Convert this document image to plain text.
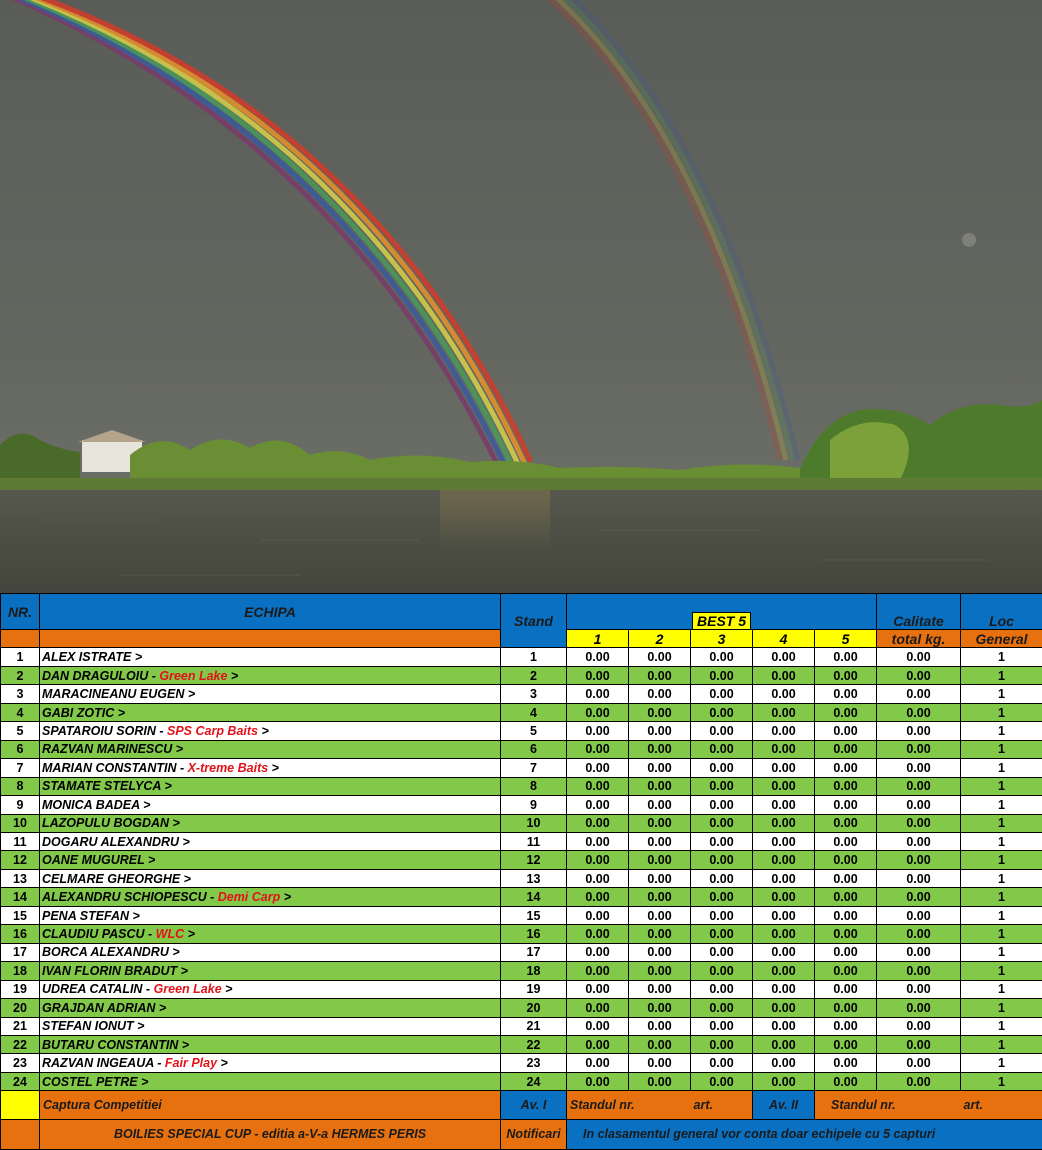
NR.	ECHIPA	Stand	BEST 5					Calitate	Loc
			1	2	3	4	5	total kg.	General
1	ALEX ISTRATE >	1	0.00	0.00	0.00	0.00	0.00	0.00	1
2	DAN DRAGULOIU - Green Lake >	2	0.00	0.00	0.00	0.00	0.00	0.00	1
3	MARACINEANU EUGEN >	3	0.00	0.00	0.00	0.00	0.00	0.00	1
4	GABI ZOTIC >	4	0.00	0.00	0.00	0.00	0.00	0.00	1
5	SPATAROIU SORIN - SPS Carp Baits >	5	0.00	0.00	0.00	0.00	0.00	0.00	1
6	RAZVAN MARINESCU >	6	0.00	0.00	0.00	0.00	0.00	0.00	1
7	MARIAN CONSTANTIN - X-treme Baits >	7	0.00	0.00	0.00	0.00	0.00	0.00	1
8	STAMATE STELYCA >	8	0.00	0.00	0.00	0.00	0.00	0.00	1
9	MONICA BADEA >	9	0.00	0.00	0.00	0.00	0.00	0.00	1
10	LAZOPULU BOGDAN >	10	0.00	0.00	0.00	0.00	0.00	0.00	1
11	DOGARU ALEXANDRU >	11	0.00	0.00	0.00	0.00	0.00	0.00	1
12	OANE MUGUREL >	12	0.00	0.00	0.00	0.00	0.00	0.00	1
13	CELMARE GHEORGHE >	13	0.00	0.00	0.00	0.00	0.00	0.00	1
14	ALEXANDRU SCHIOPESCU - Demi Carp >	14	0.00	0.00	0.00	0.00	0.00	0.00	1
15	PENA STEFAN >	15	0.00	0.00	0.00	0.00	0.00	0.00	1
16	CLAUDIU PASCU - WLC >	16	0.00	0.00	0.00	0.00	0.00	0.00	1
17	BORCA ALEXANDRU >	17	0.00	0.00	0.00	0.00	0.00	0.00	1
18	IVAN FLORIN BRADUT >	18	0.00	0.00	0.00	0.00	0.00	0.00	1
19	UDREA CATALIN - Green Lake >	19	0.00	0.00	0.00	0.00	0.00	0.00	1
20	GRAJDAN ADRIAN >	20	0.00	0.00	0.00	0.00	0.00	0.00	1
21	STEFAN IONUT >	21	0.00	0.00	0.00	0.00	0.00	0.00	1
22	BUTARU CONSTANTIN >	22	0.00	0.00	0.00	0.00	0.00	0.00	1
23	RAZVAN INGEAUA - Fair Play >	23	0.00	0.00	0.00	0.00	0.00	0.00	1
24	COSTEL PETRE >	24	0.00	0.00	0.00	0.00	0.00	0.00	1
	Captura Competitiei	Av. I	Standul nr.		art.	Av. II	Standul nr.		art.
	BOILIES SPECIAL CUP - editia a-V-a HERMES PERIS	Notificari	In clasamentul general vor conta doar echipele cu 5 capturi						
